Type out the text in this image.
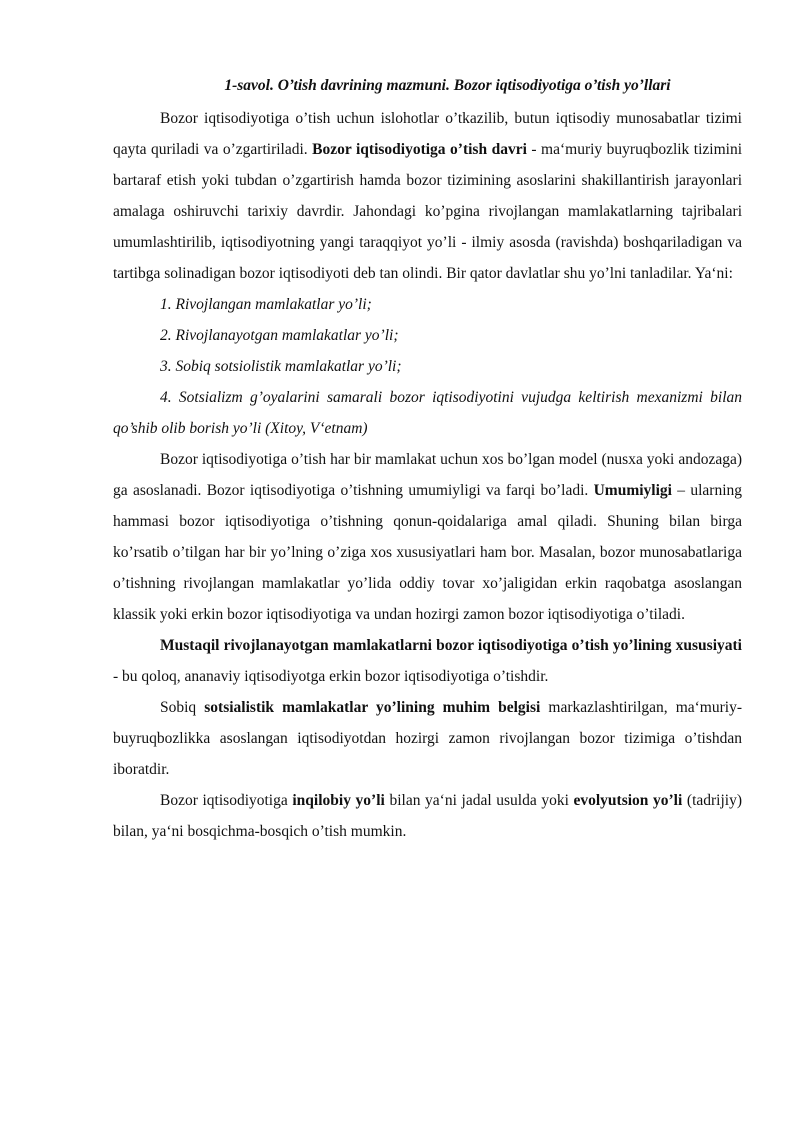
1-savol. O’tish davrining mazmuni. Bozor iqtisodiyotiga o’tish yo’llari

Bozor iqtisodiyotiga o’tish uchun islohotlar o’tkazilib, butun iqtisodiy munosabatlar tizimi qayta quriladi va o’zgartiriladi. Bozor iqtisodiyotiga o’tish davri - ma‘muriy buyruqbozlik tizimini bartaraf etish yoki tubdan o’zgartirish hamda bozor tizimining asoslarini shakillantirish jarayonlari amalaga oshiruvchi tarixiy davrdir. Jahondagi ko’pgina rivojlangan mamlakatlarning tajribalari umumlashtirilib, iqtisodiyotning yangi taraqqiyot yo’li - ilmiy asosda (ravishda) boshqariladigan va tartibga solinadigan bozor iqtisodiyoti deb tan olindi. Bir qator davlatlar shu yo’lni tanladilar. Ya‘ni:

1. Rivojlangan mamlakatlar yo’li;

2. Rivojlanayotgan mamlakatlar yo’li;

3. Sobiq sotsiolistik mamlakatlar yo’li;

4. Sotsializm g’oyalarini samarali bozor iqtisodiyotini vujudga keltirish mexanizmi bilan qo’shib olib borish yo’li (Xitoy, V‘etnam)

Bozor iqtisodiyotiga o’tish har bir mamlakat uchun xos bo’lgan model (nusxa yoki andozaga) ga asoslanadi. Bozor iqtisodiyotiga o’tishning umumiyligi va farqi bo’ladi. Umumiyligi – ularning hammasi bozor iqtisodiyotiga o’tishning qonun-qoidalariga amal qiladi. Shuning bilan birga ko’rsatib o’tilgan har bir yo’lning o’ziga xos xususiyatlari ham bor. Masalan, bozor munosabatlariga o’tishning rivojlangan mamlakatlar yo’lida oddiy tovar xo’jaligidan erkin raqobatga asoslangan klassik yoki erkin bozor iqtisodiyotiga va undan hozirgi zamon bozor iqtisodiyotiga o’tiladi.

Mustaqil rivojlanayotgan mamlakatlarni bozor iqtisodiyotiga o’tish yo’lining xususiyati - bu qoloq, ananaviy iqtisodiyotga erkin bozor iqtisodiyotiga o’tishdir.

Sobiq sotsialistik mamlakatlar yo’lining muhim belgisi markazlashtirilgan, ma‘muriy-buyruqbozlikka asoslangan iqtisodiyotdan hozirgi zamon rivojlangan bozor tizimiga o’tishdan iboratdir.

Bozor iqtisodiyotiga inqilobiy yo’li bilan ya‘ni jadal usulda yoki evolyutsion yo’li (tadrijiy) bilan, ya‘ni bosqichma-bosqich o’tish mumkin.
